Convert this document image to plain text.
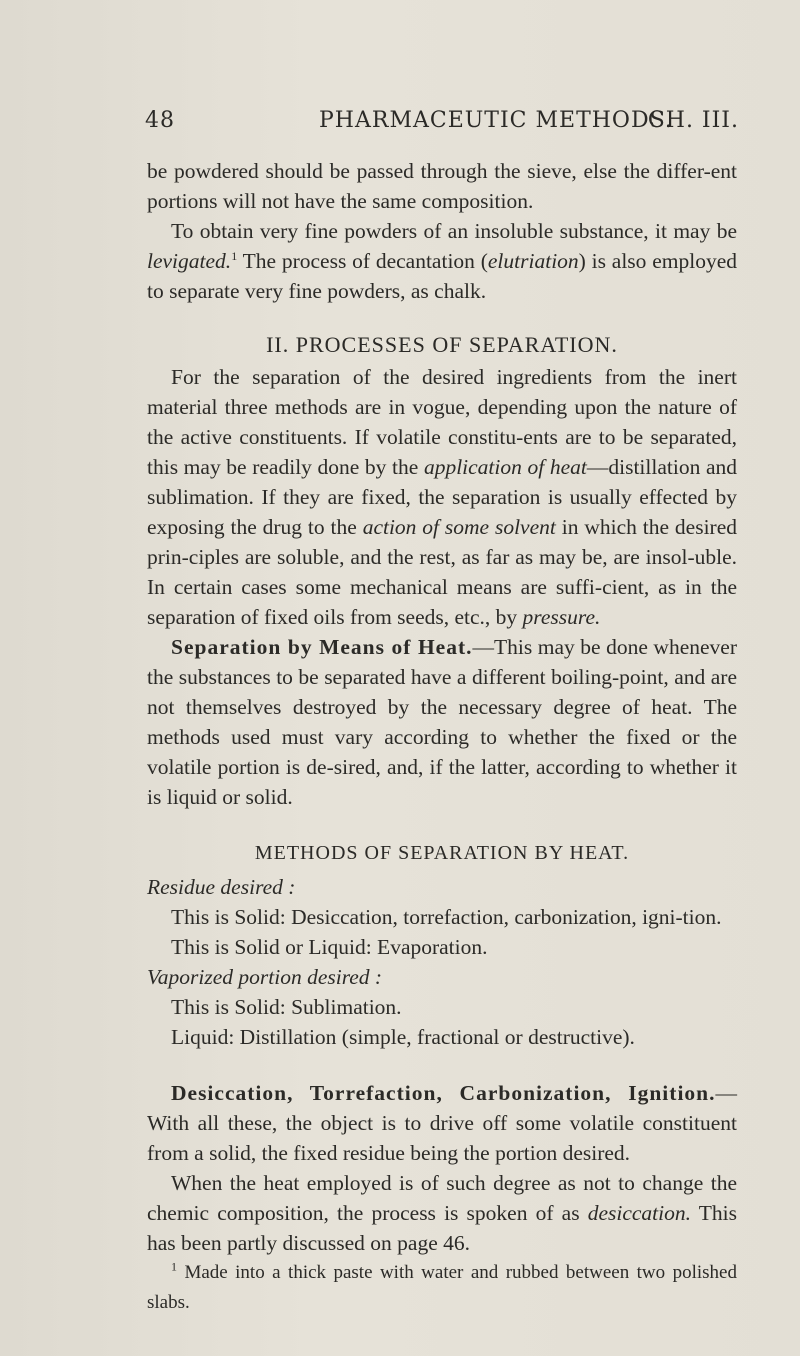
48	PHARMACEUTIC METHODS.
CH. III.

be powdered should be passed through the sieve, else the differ-ent portions will not have the same composition.

To obtain very fine powders of an insoluble substance, it may be levigated.$^1$ The process of decantation (elutriation) is also employed to separate very fine powders, as chalk.

II. PROCESSES OF SEPARATION.

For the separation of the desired ingredients from the inert material three methods are in vogue, depending upon the nature of the active constituents. If volatile constitu-ents are to be separated, this may be readily done by the application of heat—distillation and sublimation. If they are fixed, the separation is usually effected by exposing the drug to the action of some solvent in which the desired prin-ciples are soluble, and the rest, as far as may be, are insol-uble. In certain cases some mechanical means are suffi-cient, as in the separation of fixed oils from seeds, etc., by pressure.

Separation by Means of Heat.—This may be done whenever the substances to be separated have a different boiling-point, and are not themselves destroyed by the necessary degree of heat. The methods used must vary according to whether the fixed or the volatile portion is de-sired, and, if the latter, according to whether it is liquid or solid.

METHODS OF SEPARATION BY HEAT.

Residue desired :

This is Solid: Desiccation, torrefaction, carbonization, igni-tion.

This is Solid or Liquid: Evaporation.

Vaporized portion desired :

This is Solid: Sublimation.

Liquid: Distillation (simple, fractional or destructive).

Desiccation, Torrefaction, Carbonization, Ignition.—With all these, the object is to drive off some volatile constituent from a solid, the fixed residue being the portion desired.

When the heat employed is of such degree as not to change the chemic composition, the process is spoken of as desiccation. This has been partly discussed on page 46.

$^1$ Made into a thick paste with water and rubbed between two polished slabs.
